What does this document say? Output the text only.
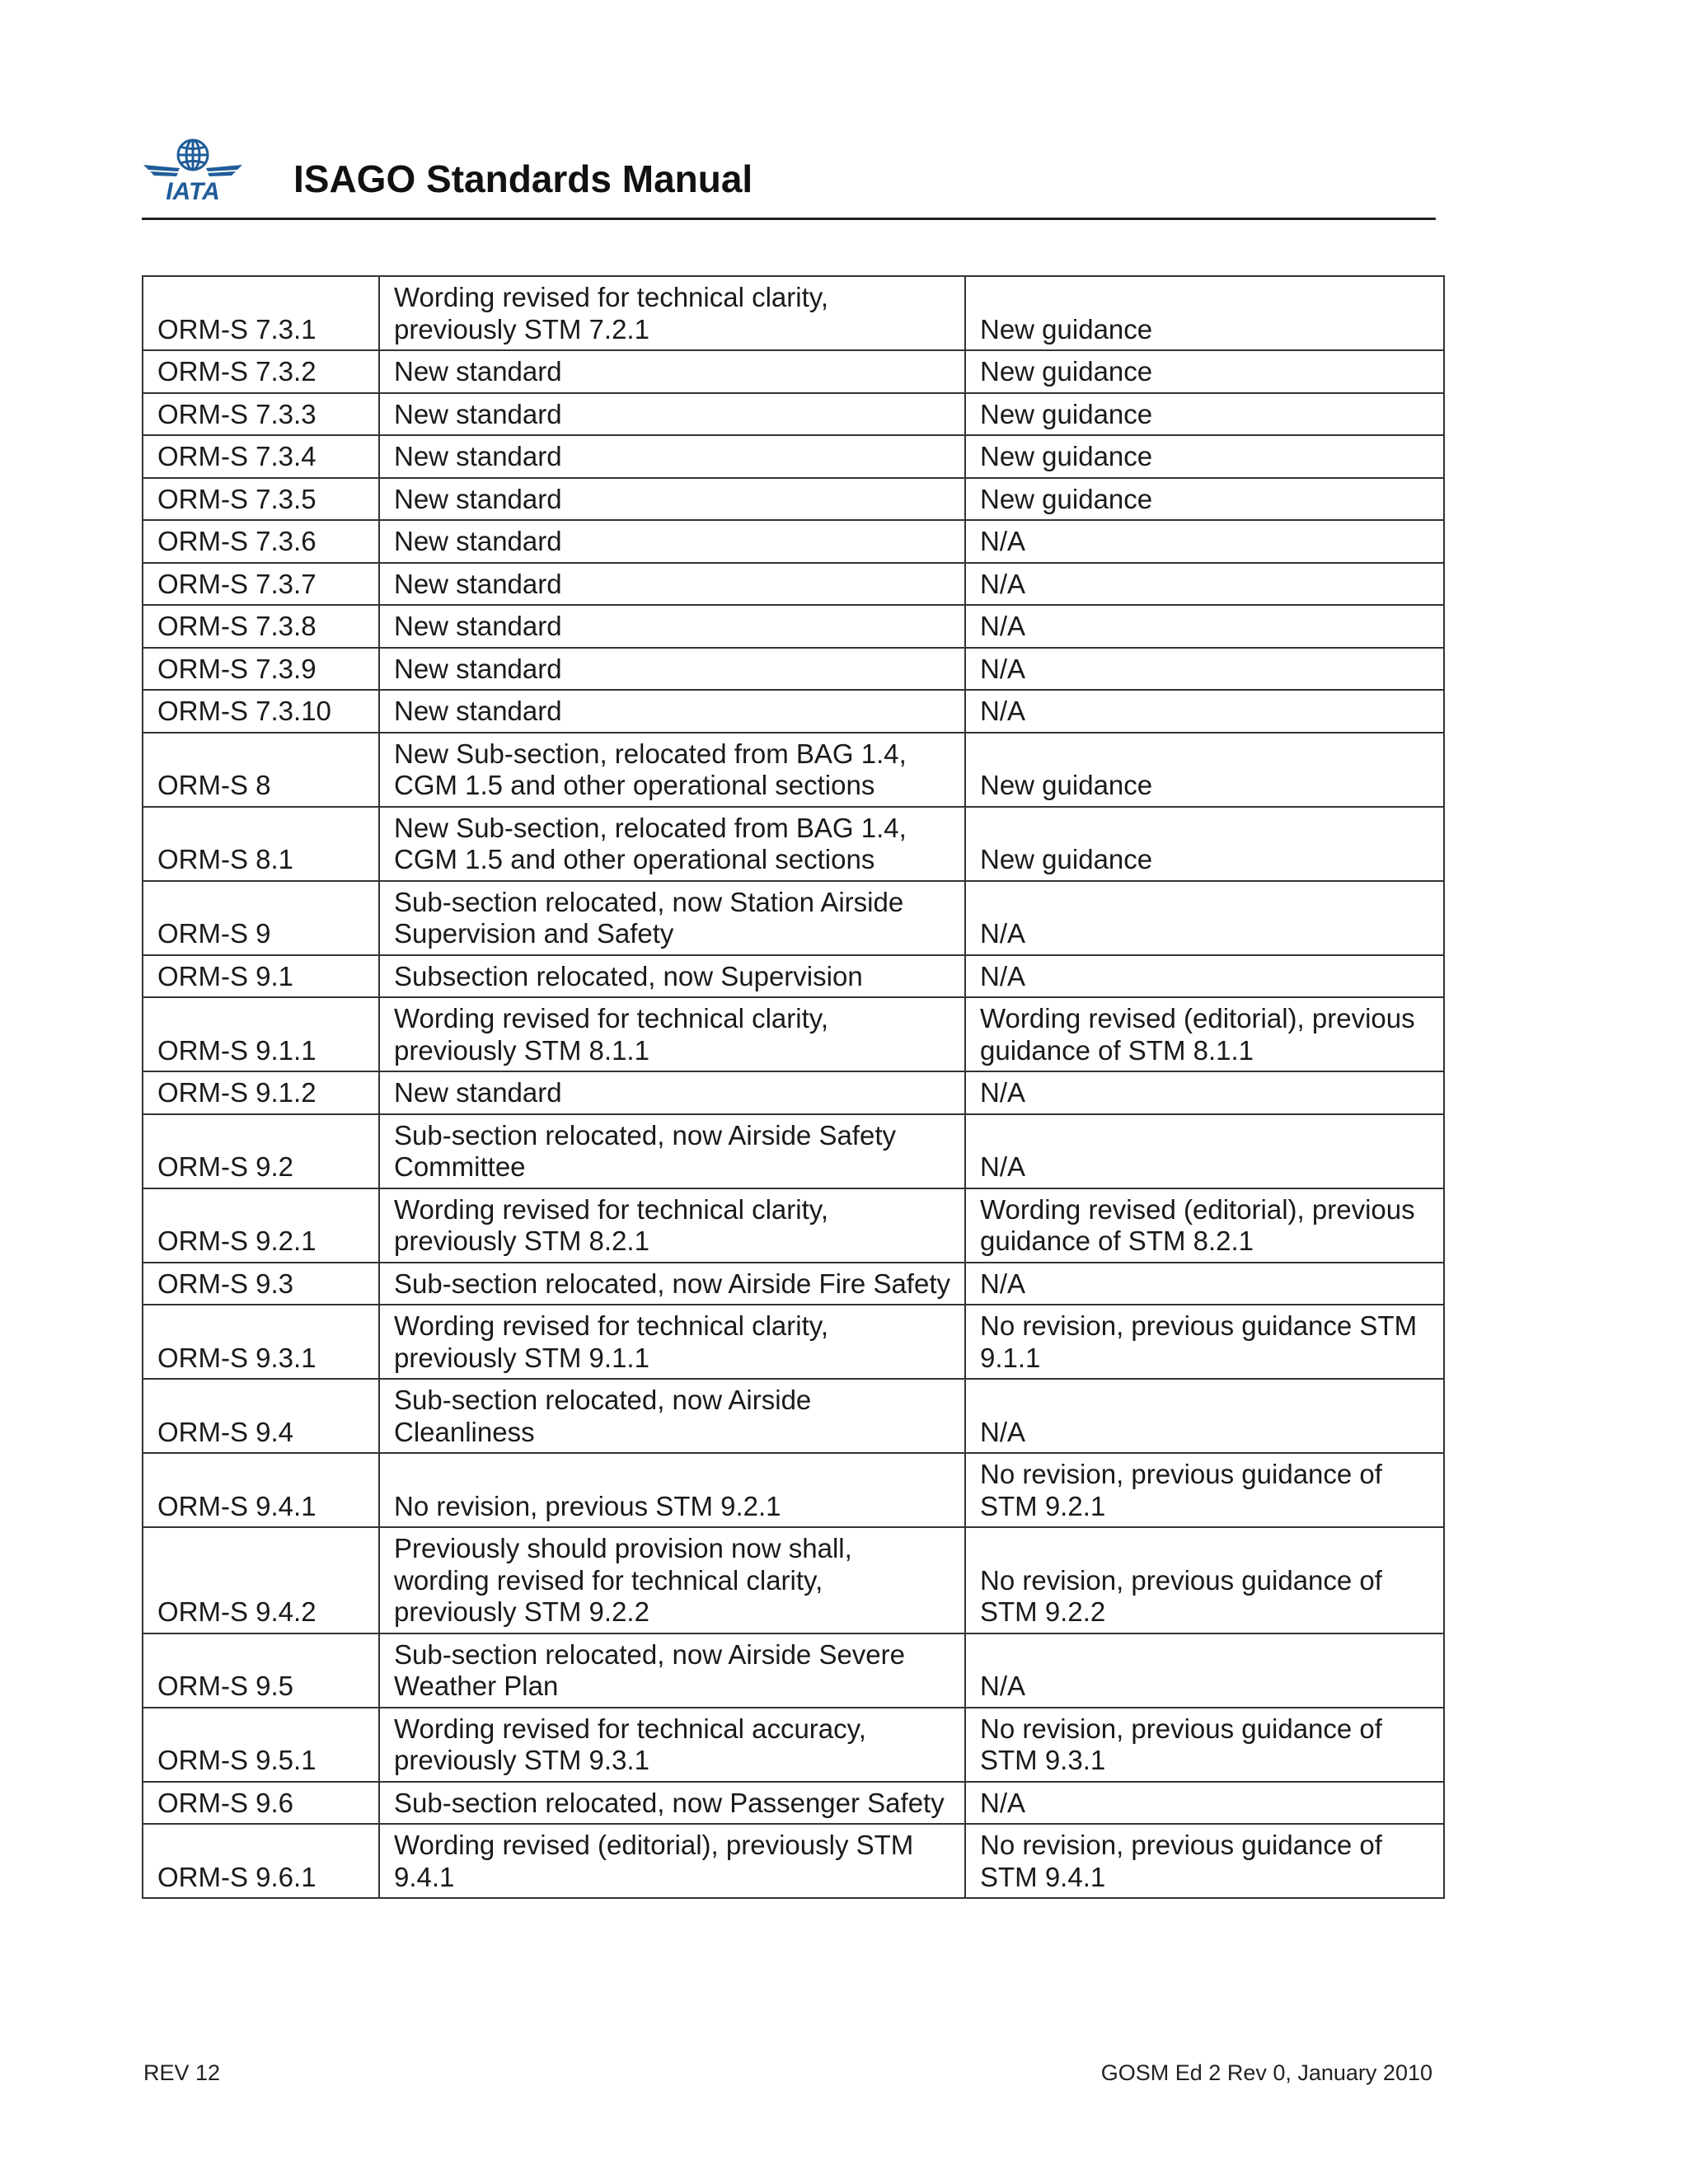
IATA ISAGO Standards Manual
ORM-S 7.3.1	Wording revised for technical clarity, previously STM 7.2.1	New guidance
ORM-S 7.3.2	New standard	New guidance
ORM-S 7.3.3	New standard	New guidance
ORM-S 7.3.4	New standard	New guidance
ORM-S 7.3.5	New standard	New guidance
ORM-S 7.3.6	New standard	N/A
ORM-S 7.3.7	New standard	N/A
ORM-S 7.3.8	New standard	N/A
ORM-S 7.3.9	New standard	N/A
ORM-S 7.3.10	New standard	N/A
ORM-S 8	New Sub-section, relocated from BAG 1.4, CGM 1.5 and other operational sections	New guidance
ORM-S 8.1	New Sub-section, relocated from BAG 1.4, CGM 1.5 and other operational sections	New guidance
ORM-S 9	Sub-section relocated, now Station Airside Supervision and Safety	N/A
ORM-S 9.1	Subsection relocated, now Supervision	N/A
ORM-S 9.1.1	Wording revised for technical clarity, previously STM 8.1.1	Wording revised (editorial), previous guidance of STM 8.1.1
ORM-S 9.1.2	New standard	N/A
ORM-S 9.2	Sub-section relocated, now Airside Safety Committee	N/A
ORM-S 9.2.1	Wording revised for technical clarity, previously STM 8.2.1	Wording revised (editorial), previous guidance of STM 8.2.1
ORM-S 9.3	Sub-section relocated, now Airside Fire Safety	N/A
ORM-S 9.3.1	Wording revised for technical clarity, previously STM 9.1.1	No revision, previous guidance STM 9.1.1
ORM-S 9.4	Sub-section relocated, now Airside Cleanliness	N/A
ORM-S 9.4.1	No revision, previous STM 9.2.1	No revision, previous guidance of STM 9.2.1
ORM-S 9.4.2	Previously should provision now shall, wording revised for technical clarity, previously STM 9.2.2	No revision, previous guidance of STM 9.2.2
ORM-S 9.5	Sub-section relocated, now Airside Severe Weather Plan	N/A
ORM-S 9.5.1	Wording revised for technical accuracy, previously STM 9.3.1	No revision, previous guidance of STM 9.3.1
ORM-S 9.6	Sub-section relocated, now Passenger Safety	N/A
ORM-S 9.6.1	Wording revised (editorial), previously STM 9.4.1	No revision, previous guidance of STM 9.4.1
REV 12	GOSM Ed 2 Rev 0, January 2010
